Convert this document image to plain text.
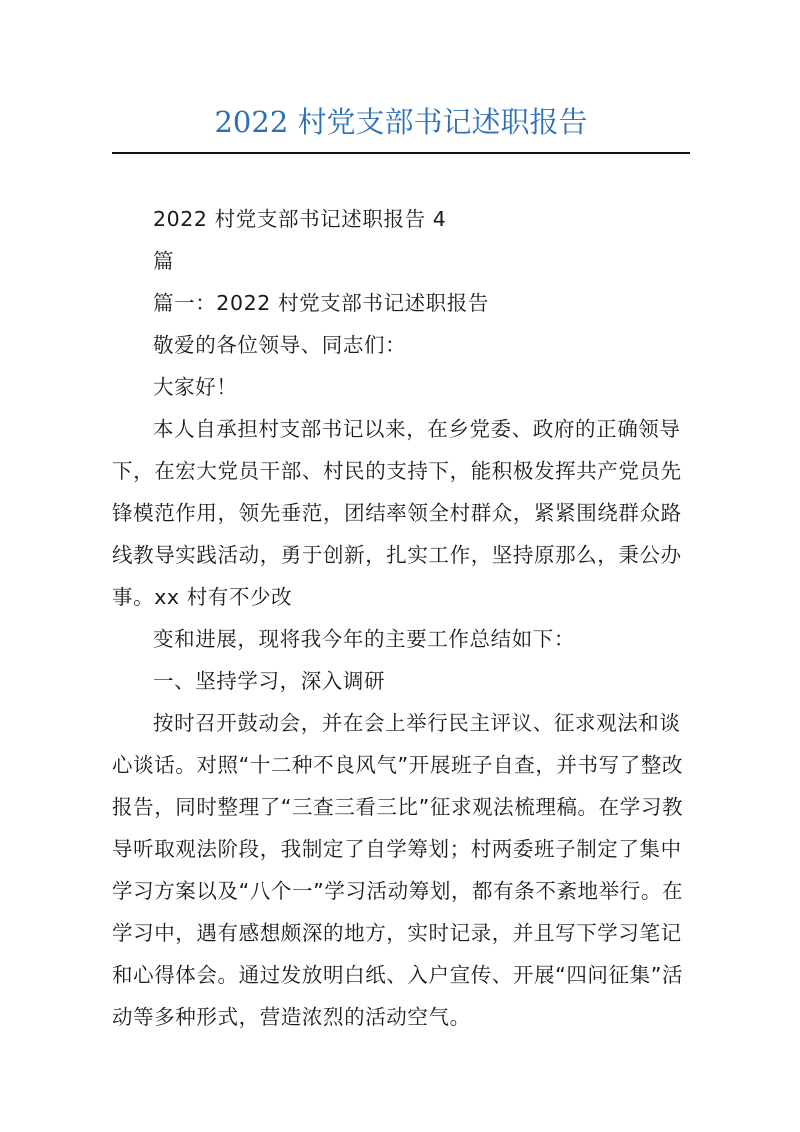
2022 村党支部书记述职报告
2022 村党支部书记述职报告 4
篇
篇一：2022 村党支部书记述职报告
敬爱的各位领导、同志们：
大家好！

本人自承担村支部书记以来，在乡党委、政府的正确领导下，在宏大党员干部、村民的支持下，能积极发挥共产党员先锋模范作用，领先垂范，团结率领全村群众，紧紧围绕群众路线教导实践活动，勇于创新，扎实工作，坚持原那么，秉公办事。xx 村有不少改

变和进展，现将我今年的主要工作总结如下：

一、坚持学习，深入调研

按时召开鼓动会，并在会上举行民主评议、征求观法和谈心谈话。对照“十二种不良风气”开展班子自查，并书写了整改报告，同时整理了“三查三看三比”征求观法梳理稿。在学习教导听取观法阶段，我制定了自学筹划；村两委班子制定了集中学习方案以及“八个一”学习活动筹划，都有条不紊地举行。在学习中，遇有感想颇深的地方，实时记录，并且写下学习笔记和心得体会。通过发放明白纸、入户宣传、开展“四问征集”活动等多种形式，营造浓烈的活动空气。
